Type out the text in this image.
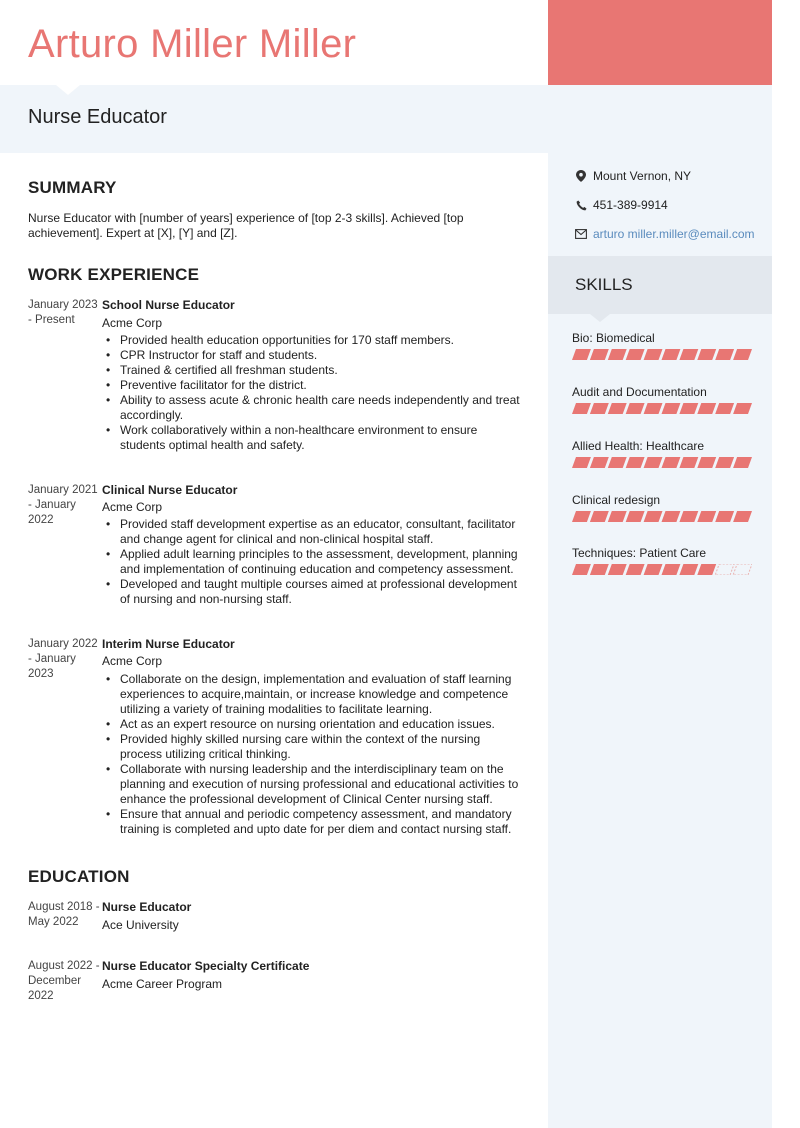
Arturo Miller Miller
Nurse Educator
Mount Vernon, NY
451-389-9914
arturo miller.miller@email.com
SKILLS
Bio: Biomedical
Audit and Documentation
Allied Health: Healthcare
Clinical redesign
Techniques: Patient Care
SUMMARY
Nurse Educator with [number of years] experience of [top 2-3 skills]. Achieved [top achievement]. Expert at [X], [Y] and [Z].
WORK EXPERIENCE
January 2023 - Present
School Nurse Educator
Acme Corp
• Provided health education opportunities for 170 staff members.
• CPR Instructor for staff and students.
• Trained & certified all freshman students.
• Preventive facilitator for the district.
• Ability to assess acute & chronic health care needs independently and treat accordingly.
• Work collaboratively within a non-healthcare environment to ensure students optimal health and safety.
January 2021 - January 2022
Clinical Nurse Educator
Acme Corp
• Provided staff development expertise as an educator, consultant, facilitator and change agent for clinical and non-clinical hospital staff.
• Applied adult learning principles to the assessment, development, planning and implementation of continuing education and competency assessment.
• Developed and taught multiple courses aimed at professional development of nursing and non-nursing staff.
January 2022 - January 2023
Interim Nurse Educator
Acme Corp
• Collaborate on the design, implementation and evaluation of staff learning experiences to acquire,maintain, or increase knowledge and competence utilizing a variety of training modalities to facilitate learning.
• Act as an expert resource on nursing orientation and education issues.
• Provided highly skilled nursing care within the context of the nursing process utilizing critical thinking.
• Collaborate with nursing leadership and the interdisciplinary team on the planning and execution of nursing professional and educational activities to enhance the professional development of Clinical Center nursing staff.
• Ensure that annual and periodic competency assessment, and mandatory training is completed and upto date for per diem and contact nursing staff.
EDUCATION
August 2018 - May 2022
Nurse Educator
Ace University
August 2022 - December 2022
Nurse Educator Specialty Certificate
Acme Career Program
